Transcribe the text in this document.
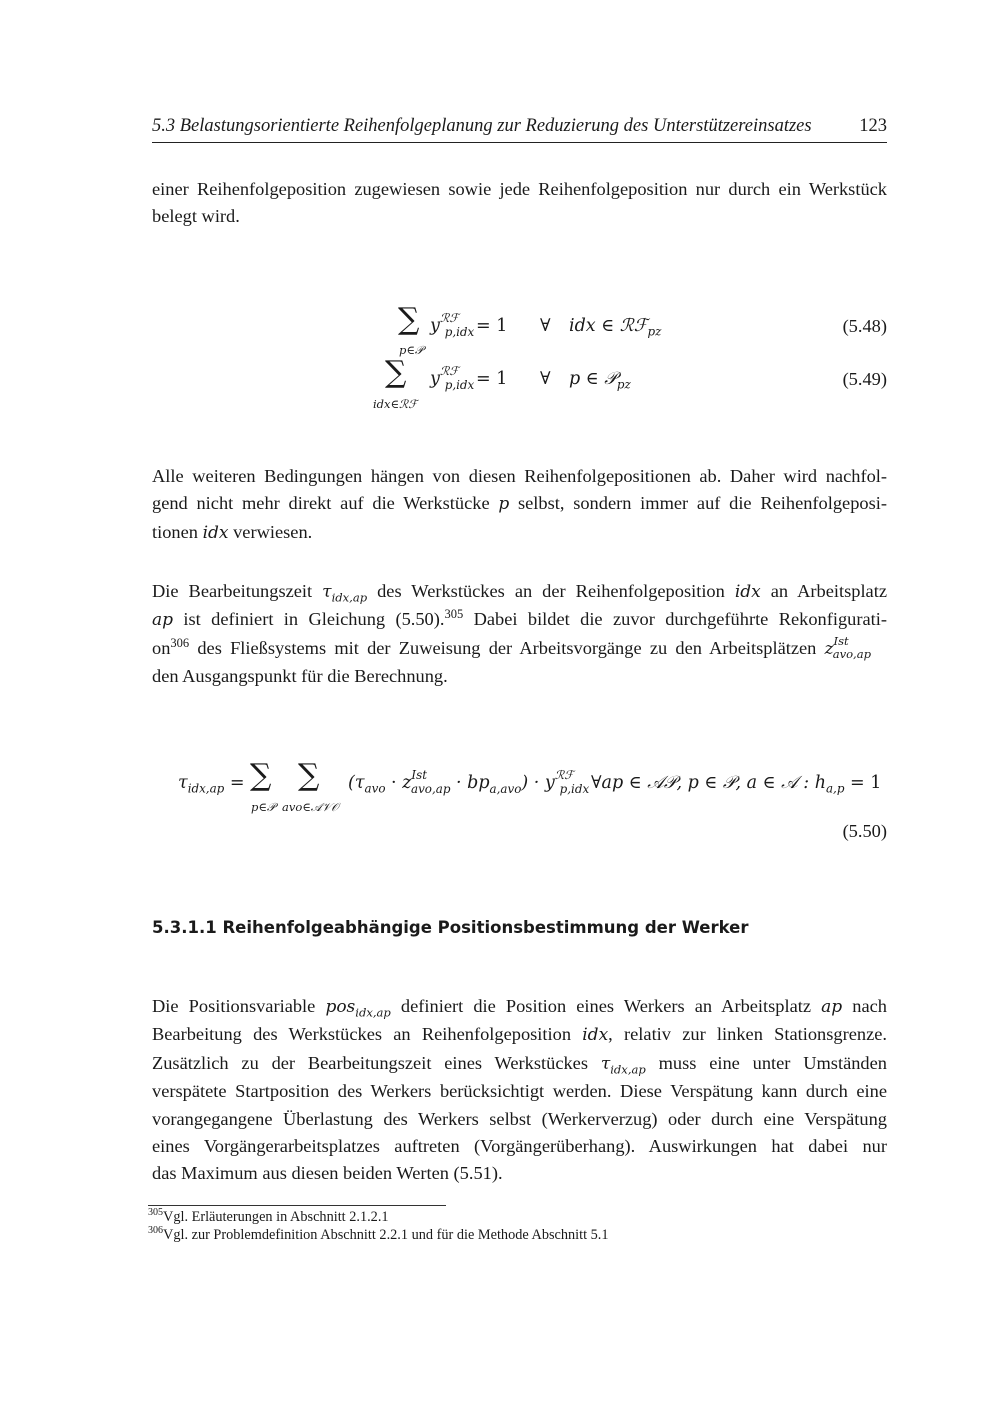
5.3 Belastungsorientierte Reihenfolgeplanung zur Reduzierung des Unterstützereinsatzes	123

einer Reihenfolgeposition zugewiesen sowie jede Reihenfolgeposition nur durch ein Werkstück
belegt wird.

∑
p∈𝒫
$y^{ℛℱ}_{p,idx} = 1$ ∀ idx ∈ ℛℱ$_{pz}$	(5.48)
∑
idx∈ℛℱ
$y^{ℛℱ}_{p,idx} = 1$ ∀ p ∈ 𝒫$_{pz}$	(5.49)

Alle weiteren Bedingungen hängen von diesen Reihenfolgepositionen ab. Daher wird nachfol-
gend nicht mehr direkt auf die Werkstücke p selbst, sondern immer auf die Reihenfolgeposi-
tionen idx verwiesen.

Die Bearbeitungszeit $\tau_{idx,ap}$ des Werkstückes an der Reihenfolgeposition idx an Arbeitsplatz
ap ist definiert in Gleichung (5.50).$^{305}$ Dabei bildet die zuvor durchgeführte Rekonfigurati-
$on^{306}$ des Fließsystems mit der Zuweisung der Arbeitsvorgänge zu den Arbeitsplätzen $z^{Ist}_{avo,ap}$
den Ausgangspunkt für die Berechnung.

$\tau_{idx,ap}$ = ∑
p∈𝒫
∑
avo∈𝒜𝒱𝒪
$(\tau_{avo} \cdot z^{Ist}_{avo,ap} \cdot bp_{a,avo}) \cdot y^{ℛℱ}_{p,idx}$ ∀ap ∈ 𝒜𝒫, p ∈ 𝒫, a ∈ 𝒜 : $h_{a,p} = 1$
(5.50)
5.3.1.1 Reihenfolgeabhängige Positionsbestimmung der Werker

Die Positionsvariable pos$_{idx,ap}$ definiert die Position eines Werkers an Arbeitsplatz ap nach
Bearbeitung des Werkstückes an Reihenfolgeposition idx, relativ zur linken Stationsgrenze.
Zusätzlich zu der Bearbeitungszeit eines Werkstückes $\tau_{idx,ap}$ muss eine unter Umständen
verspätete Startposition des Werkers berücksichtigt werden. Diese Verspätung kann durch eine
vorangegangene Überlastung des Werkers selbst (Werkerverzug) oder durch eine Verspätung
eines Vorgängerarbeitsplatzes auftreten (Vorgängerüberhang). Auswirkungen hat dabei nur
das Maximum aus diesen beiden Werten (5.51).

$^{305}$Vgl. Erläuterungen in Abschnitt 2.1.2.1
$^{306}$Vgl. zur Problemdefinition Abschnitt 2.2.1 und für die Methode Abschnitt 5.1
